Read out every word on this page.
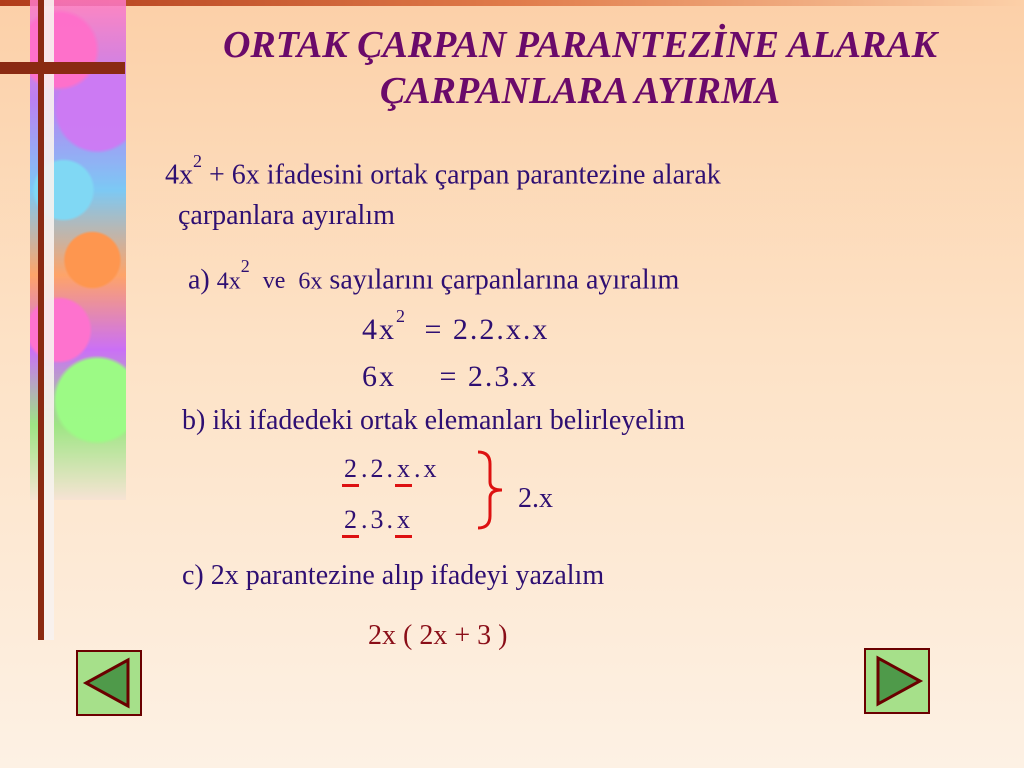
ORTAK ÇARPAN PARANTEZİNE ALARAK
ÇARPANLARA AYIRMA
$4x^2 + 6x$ ifadesini ortak çarpan parantezine alarak
çarpanlara ayıralım
a) $4x^2$ ve 6x sayılarını çarpanlarına ayıralım
$4x^2 = 2.2.x.x$
6x = 2.3.x
b) iki ifadedeki ortak elemanları belirleyelim
2 . 2 . x . x
2 . 3 . x
2.x
c) 2x parantezine alıp ifadeyi yazalım
2x ( 2x + 3 )
